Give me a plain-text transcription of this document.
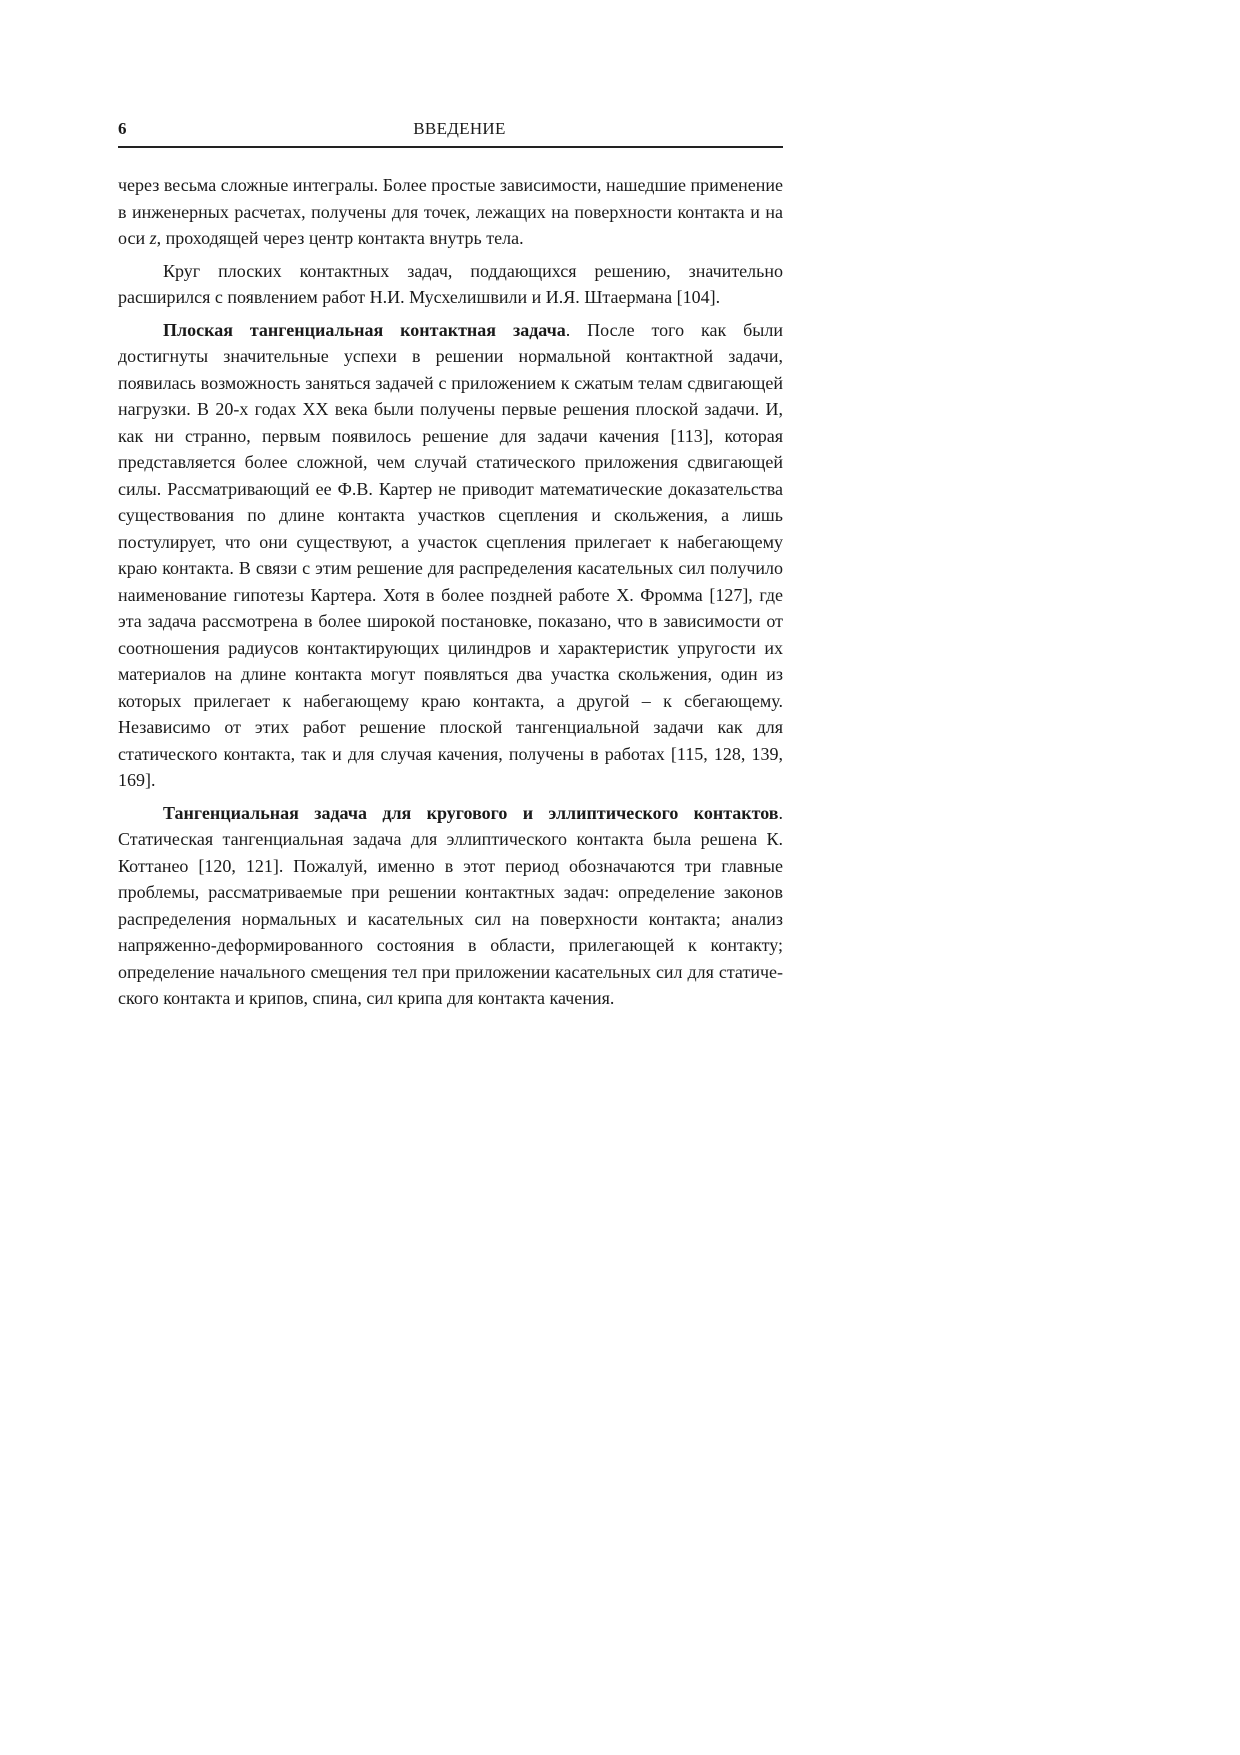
6	ВВЕДЕНИЕ

через весьма сложные интегралы. Более простые зависимости, нашедшие применение в инженерных расчетах, получены для точек, лежащих на поверхности контакта и на оси z, проходящей через центр контакта внутрь тела.

Круг плоских контактных задач, поддающихся решению, значительно расширился с появлением работ Н.И. Мусхелишвили и И.Я. Штаермана [104].

Плоская тангенциальная контактная задача. После того как были достигнуты значительные успехи в решении нормальной контактной задачи, появилась возможность заняться задачей с приложением к сжатым телам сдвигающей нагрузки. В 20-х годах XX века были получены первые решения плоской задачи. И, как ни странно, первым появилось решение для задачи качения [113], которая представляется более сложной, чем случай статического приложения сдвигающей силы. Рассматривающий ее Ф.В. Картер не приводит математические доказательства существования по длине контакта участков сцепления и скольжения, а лишь постулирует, что они существуют, а участок сцепления прилегает к набегающему краю контакта. В связи с этим решение для распределения касательных сил получило наименование гипотезы Картера. Хотя в более поздней работе Х. Фромма [127], где эта задача рассмотрена в более широкой постановке, показано, что в зависимости от соотношения радиусов контактирующих цилиндров и характеристик упругости их материалов на длине контакта могут появляться два участка скольжения, один из которых прилегает к набегающему краю контакта, а другой – к сбегающему. Независимо от этих работ решение плоской тангенциальной задачи как для статического контакта, так и для случая качения, получены в работах [115, 128, 139, 169].

Тангенциальная задача для кругового и эллиптического контактов. Статическая тангенциальная задача для эллиптического контакта была решена К. Коттанео [120, 121]. Пожалуй, именно в этот период обозначаются три главные проблемы, рассматриваемые при решении контактных задач: определение законов распределения нормальных и касательных сил на поверхности контакта; анализ напряженно-деформированного состояния в области, прилегающей к контакту; определение начального смещения тел при приложении касательных сил для статического контакта и крипов, спина, сил крипа для контакта качения.
